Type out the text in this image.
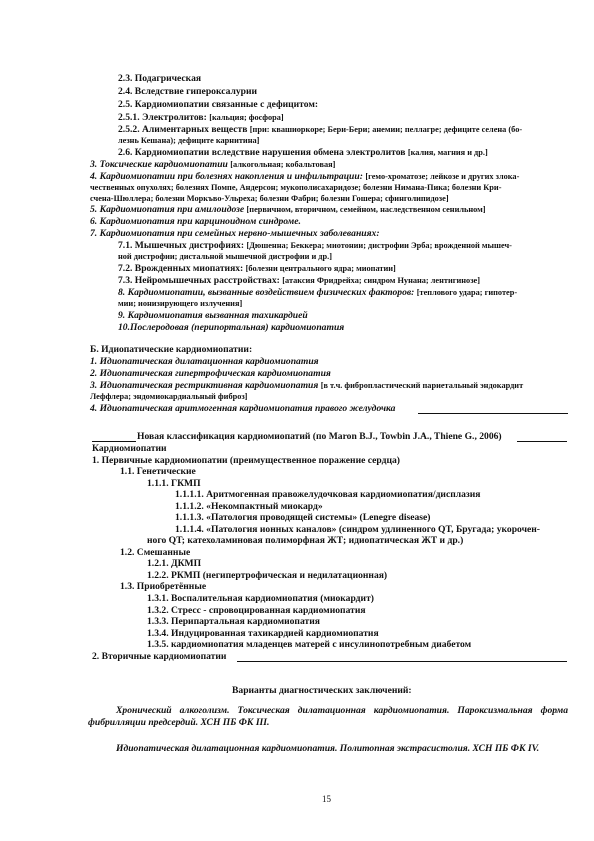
2.3. Подагрическая
2.4. Вследствие гипероксалурии
2.5. Кардиомиопатии связанные с дефицитом:
2.5.1. Электролитов: [кальция; фосфора]
2.5.2. Алиментарных веществ [при: квашиоркоре; Бери-Бери; анемии; пеллагре; дефиците селена (бо-
лезнь Кешана); дефиците карнитина]
2.6. Кардиомиопатии вследствие нарушения обмена электролитов [калия, магния и др.]
3. Токсические кардиомиопатии [алкогольная; кобальтовая]
4. Кардиомиопатии при болезнях накопления и инфильтрации: [гемо-хроматозе; лейкозе и других злока-
чественных опухолях; болезнях Помпе, Андерсон; мукополисахаридозе; болезни Нимана-Пика; болезни Кри-
счена-Шюллера; болезни Моркъво-Ульреха; болезни Фабри; болезни Гошера; сфинголипидозе]
5. Кардиомиопатия при амилоидозе [первичном, вторичном, семейном, наследственном сенильном]
6. Кардиомиопатия при карциноидном синдроме.
7. Кардиомиопатия при семейных нервно-мышечных заболеваниях:
7.1. Мышечных дистрофиях: [Дюшенна; Беккера; миотонии; дистрофии Эрба; врожденной мышеч-
ной дистрофии; дистальной мышечной дистрофии и др.]
7.2. Врожденных миопатиях: [болезни центрального ядра; миопатии]
7.3. Нейромышечных расстройствах: [атаксия Фридрейха; синдром Нунана; лентигинозе]
8. Кардиомиопатии, вызванные воздействием физических факторов: [теплового удара; гипотер-
мии; ионизирующего излучения]
9. Кардиомиопатия вызванная тахикардией
10.Послеродовая (перипортальная) кардиомиопатия
Б. Идиопатические кардиомиопатии:
1. Идиопатическая дилатационная кардиомиопатия
2. Идиопатическая гипертрофическая кардиомиопатия
3. Идиопатическая рестриктивная кардиомиопатия [в т.ч. фибропластический париетальный эндокардит
Леффлера; эндомиокардиальный фиброз]
4. Идиопатическая аритмогенная кардиомиопатия правого желудочка
Новая классификация кардиомиопатий (по Maron B.J., Towbin J.A., Thiene G., 2006)
Кардиомиопатии
1. Первичные кардиомиопатии (преимущественное поражение сердца)
1.1. Генетические
1.1.1. ГКМП
1.1.1.1. Аритмогенная правожелудочковая кардиомиопатия/дисплазия
1.1.1.2. «Некомпактный миокард»
1.1.1.3. «Патология проводящей системы» (Lenegre disease)
1.1.1.4. «Патология ионных каналов» (синдром удлиненного QT, Бругада; укорочен-
ного QT; катехоламиновая полиморфная ЖТ; идиопатическая ЖТ и др.)
1.2. Смешанные
1.2.1. ДКМП
1.2.2. РКМП (негипертрофическая и недилатационная)
1.3. Приобретённые
1.3.1. Воспалительная кардиомиопатия (миокардит)
1.3.2. Стресс - спровоцированная кардиомиопатия
1.3.3. Перипартальная кардиомиопатия
1.3.4. Индуцированная тахикардией кардиомиопатия
1.3.5. кардиомиопатия младенцев матерей с инсулинопотребным диабетом
2. Вторичные кардиомиопатии
Варианты диагностических заключений:
Хронический алкоголизм. Токсическая дилатационная кардиомиопатия. Пароксизмальная форма фибрилляции предсердий. ХСН ПБ ФК III.
Идиопатическая дилатационная кардиомиопатия. Политопная экстрасистолия. ХСН ПБ ФК IV.
15
